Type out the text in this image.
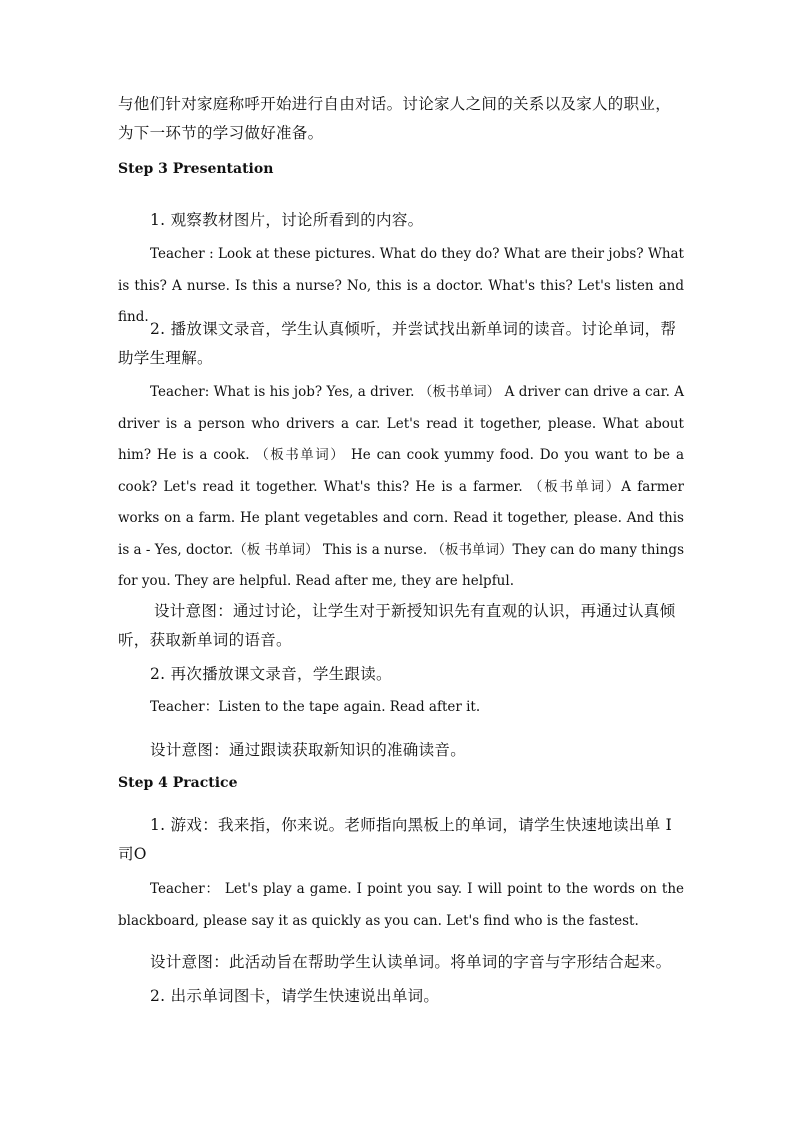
与他们针对家庭称呼开始进行自由对话。讨论家人之间的关系以及家人的职业，为下一环节的学习做好准备。
Step 3 Presentation
1. 观察教材图片，讨论所看到的内容。
Teacher : Look at these pictures. What do they do? What are their jobs? What is this? A nurse. Is this a nurse? No, this is a doctor. What's this? Let's listen and find.
2. 播放课文录音，学生认真倾听，并尝试找出新单词的读音。讨论单词，帮助学生理解。
Teacher: What is his job? Yes, a driver. （板书单词） A driver can drive a car. A driver is a person who drivers a car. Let's read it together, please. What about him? He is a cook. （板书单词） He can cook yummy food. Do you want to be a cook? Let's read it together. What's this? He is a farmer. （板书单词）A farmer works on a farm. He plant vegetables and corn. Read it together, please. And this is a - Yes, doctor.（板 书单词） This is a nurse. （板书单词）They can do many things for you. They are helpful. Read after me, they are helpful.
设计意图：通过讨论，让学生对于新授知识先有直观的认识，再通过认真倾听，获取新单词的语音。
2. 再次播放课文录音，学生跟读。
Teacher：Listen to the tape again. Read after it.
设计意图：通过跟读获取新知识的准确读音。
Step 4 Practice
1. 游戏：我来指，你来说。老师指向黑板上的单词，请学生快速地读出单 I司O
Teacher： Let's play a game. I point you say. I will point to the words on the blackboard, please say it as quickly as you can. Let's find who is the fastest.
设计意图：此活动旨在帮助学生认读单词。将单词的字音与字形结合起来。
2. 出示单词图卡，请学生快速说出单词。
